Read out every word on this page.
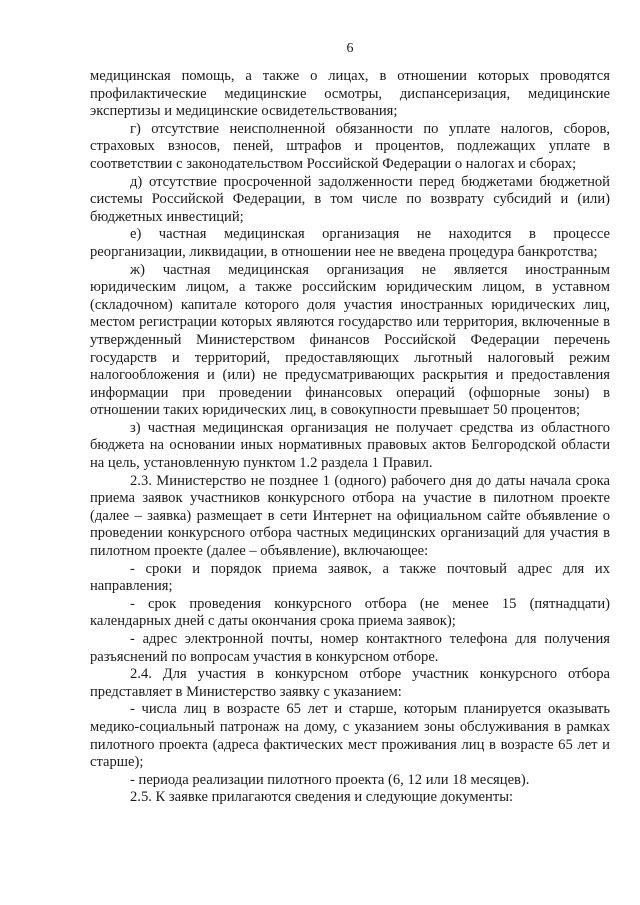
6

медицинская помощь, а также о лицах, в отношении которых проводятся профилактические медицинские осмотры, диспансеризация, медицинские экспертизы и медицинские освидетельствования;

г) отсутствие неисполненной обязанности по уплате налогов, сборов, страховых взносов, пеней, штрафов и процентов, подлежащих уплате в соответствии с законодательством Российской Федерации о налогах и сборах;

д) отсутствие просроченной задолженности перед бюджетами бюджетной системы Российской Федерации, в том числе по возврату субсидий и (или) бюджетных инвестиций;

е) частная медицинская организация не находится в процессе реорганизации, ликвидации, в отношении нее не введена процедура банкротства;

ж) частная медицинская организация не является иностранным юридическим лицом, а также российским юридическим лицом, в уставном (складочном) капитале которого доля участия иностранных юридических лиц, местом регистрации которых являются государство или территория, включенные в утвержденный Министерством финансов Российской Федерации перечень государств и территорий, предоставляющих льготный налоговый режим налогообложения и (или) не предусматривающих раскрытия и предоставления информации при проведении финансовых операций (офшорные зоны) в отношении таких юридических лиц, в совокупности превышает 50 процентов;

з) частная медицинская организация не получает средства из областного бюджета на основании иных нормативных правовых актов Белгородской области на цель, установленную пунктом 1.2 раздела 1 Правил.

2.3. Министерство не позднее 1 (одного) рабочего дня до даты начала срока приема заявок участников конкурсного отбора на участие в пилотном проекте (далее – заявка) размещает в сети Интернет на официальном сайте объявление о проведении конкурсного отбора частных медицинских организаций для участия в пилотном проекте (далее – объявление), включающее:

- сроки и порядок приема заявок, а также почтовый адрес для их направления;

- срок проведения конкурсного отбора (не менее 15 (пятнадцати) календарных дней с даты окончания срока приема заявок);

- адрес электронной почты, номер контактного телефона для получения разъяснений по вопросам участия в конкурсном отборе.

2.4. Для участия в конкурсном отборе участник конкурсного отбора представляет в Министерство заявку с указанием:

- числа лиц в возрасте 65 лет и старше, которым планируется оказывать медико-социальный патронаж на дому, с указанием зоны обслуживания в рамках пилотного проекта (адреса фактических мест проживания лиц в возрасте 65 лет и старше);

- периода реализации пилотного проекта (6, 12 или 18 месяцев).

2.5. К заявке прилагаются сведения и следующие документы:
